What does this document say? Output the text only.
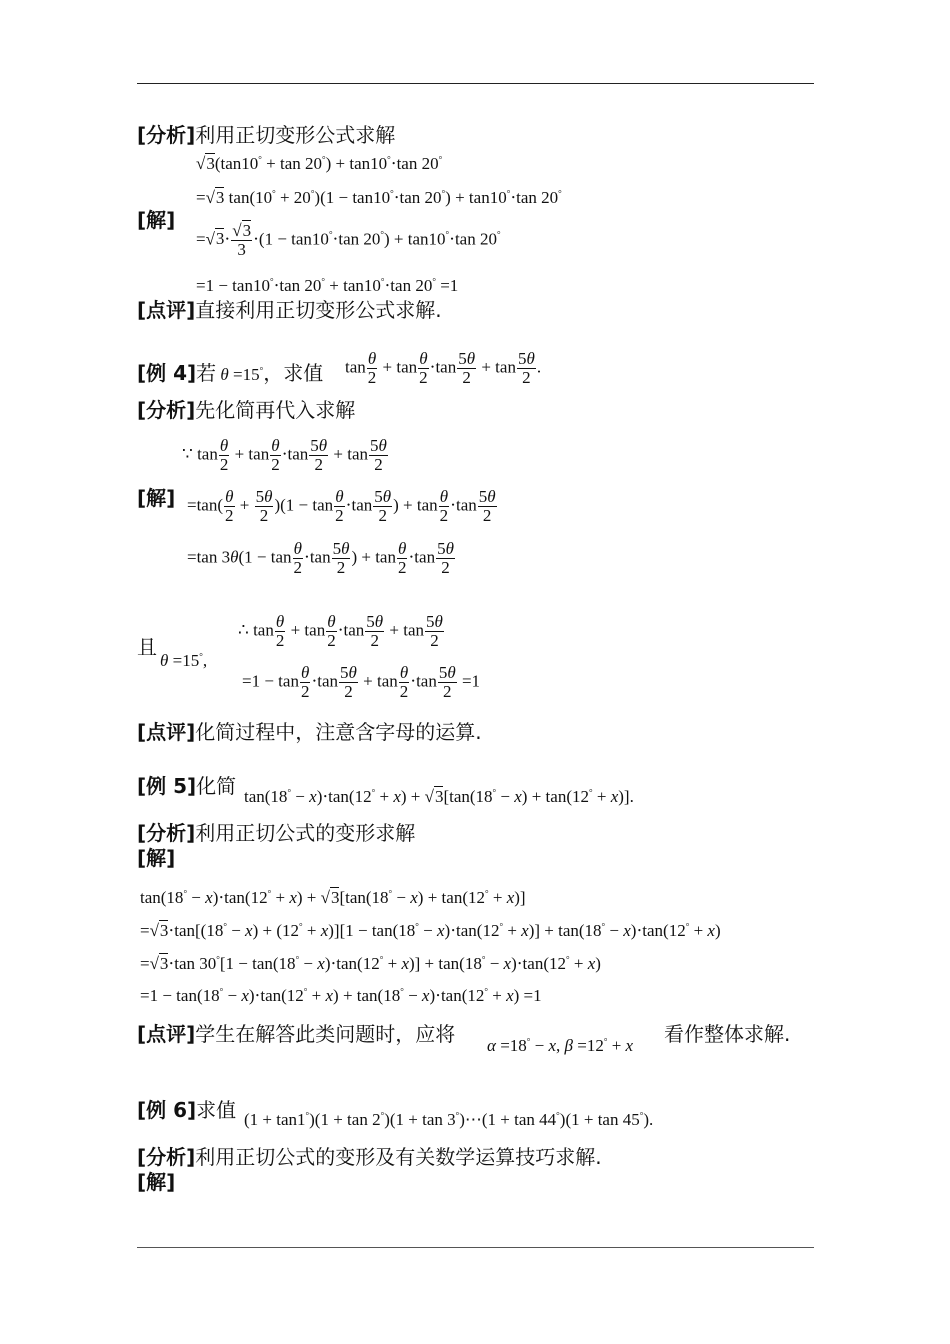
[分析]利用正切变形公式求解
√3(tan10° + tan 20°) + tan10°⋅tan 20°
=√3 tan(10° + 20°)(1 − tan10°⋅tan 20°) + tan10°⋅tan 20°
[解]
$=√3\cdot \frac{√3}{3} \cdot(1 - \tan 10^\circ\cdot\tan$ 20°) + tan10°⋅tan 20°
=1 − tan10°⋅tan 20° + tan10°⋅tan 20° =1
[点评]直接利用正切变形公式求解.
[例 4]若 θ =15°，求值 $\tan \frac{\theta}{2} + \tan \frac{\theta}{2} \cdot\tan \frac{5\theta}{2} + \tan \frac{5\theta}{2}$ .
[分析]先化简再代入求解
∵ $\tan \frac{\theta}{2} + \tan \frac{\theta}{2} \cdot\tan \frac{5\theta}{2} + \tan \frac{5\theta}{2}$
[解] $=\tan( \frac{\theta}{2} + \frac{5\theta}{2} )(1 - \tan \frac{\theta}{2} \cdot\tan \frac{5\theta}{2}$ ) + $\tan \frac{\theta}{2} \cdot\tan \frac{5\theta}{2}$
=tan $3\theta(1 - \tan \frac{\theta}{2} \cdot\tan \frac{5\theta}{2}$ ) + $\tan \frac{\theta}{2} \cdot\tan \frac{5\theta}{2}$
且
θ =15°,
∴ $\tan \frac{\theta}{2} + \tan \frac{\theta}{2} \cdot\tan \frac{5\theta}{2} + \tan \frac{5\theta}{2}$
$=1 - \tan \frac{\theta}{2} \cdot\tan \frac{5\theta}{2} + \tan \frac{\theta}{2} \cdot\tan \frac{5\theta}{2} =1$
[点评]化简过程中，注意含字母的运算.
[例 5]化简 tan(18° − x)⋅tan(12° + x) + √3[tan(18° − x) + tan(12° + x)].
[分析]利用正切公式的变形求解
[解]
tan(18° − x)⋅tan(12° + x) + √3[tan(18° − x) + tan(12° + x)]
=√3⋅tan[(18° − x) + (12° + x)][1 − tan(18° − x)⋅tan(12° + x)] + tan(18° − x)⋅tan(12° + x)
=√3⋅tan 30°[1 − tan(18° − x)⋅tan(12° + x)] + tan(18° − x)⋅tan(12° + x)
=1 − tan(18° − x)⋅tan(12° + x) + tan(18° − x)⋅tan(12° + x) =1
[点评]学生在解答此类问题时，应将 α =18° − x, β =12° + x 看作整体求解.
[例 6]求值 (1 + tan1°)(1 + tan 2°)(1 + tan 3°)⋯(1 + tan 44°)(1 + tan 45°).
[分析]利用正切公式的变形及有关数学运算技巧求解.
[解]
